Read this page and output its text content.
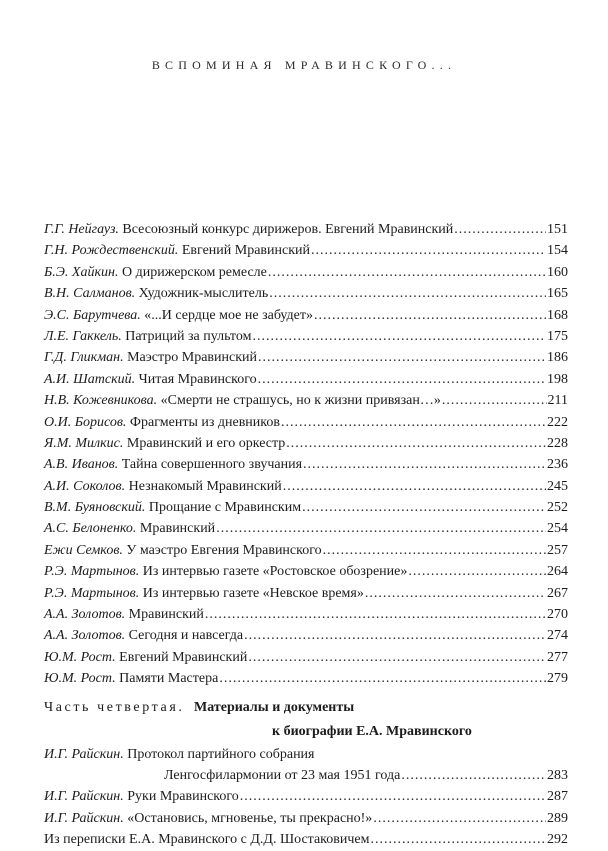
ВСПОМИНАЯ МРАВИНСКОГО...
Г.Г. Нейгауз. Всесоюзный конкурс дирижеров. Евгений Мравинский .....	151
Г.Н. Рождественский. Евгений Мравинский .....	154
Б.Э. Хайкин. О дирижерском ремесле .....	160
В.Н. Салманов. Художник-мыслитель .....	165
Э.С. Барутчева. «...И сердце мое не забудет» .....	168
Л.Е. Гаккель. Патриций за пультом .....	175
Г.Д. Гликман. Маэстро Мравинский .....	186
А.И. Шатский. Читая Мравинского .....	198
Н.В. Кожевникова. «Смерти не страшусь, но к жизни привязан…» .....	211
О.И. Борисов. Фрагменты из дневников .....	222
Я.М. Милкис. Мравинский и его оркестр .....	228
А.В. Иванов. Тайна совершенного звучания .....	236
А.И. Соколов. Незнакомый Мравинский .....	245
В.М. Буяновский. Прощание с Мравинским .....	252
А.С. Белоненко. Мравинский .....	254
Ежи Семков. У маэстро Евгения Мравинского .....	257
Р.Э. Мартынов. Из интервью газете «Ростовское обозрение» .....	264
Р.Э. Мартынов. Из интервью газете «Невское время» .....	267
А.А. Золотов. Мравинский .....	270
А.А. Золотов. Сегодня и навсегда .....	274
Ю.М. Рост. Евгений Мравинский .....	277
Ю.М. Рост. Памяти Мастера .....	279
Часть четвертая. Материалы и документы
к биографии Е.А. Мравинского
И.Г. Райскин. Протокол партийного собрания
Ленгосфилармонии от 23 мая 1951 года .....	283
И.Г. Райскин. Руки Мравинского .....	287
И.Г. Райскин. «Остановись, мгновенье, ты прекрасно!» .....	289
Из переписки Е.А. Мравинского с Д.Д. Шостаковичем .....	292
